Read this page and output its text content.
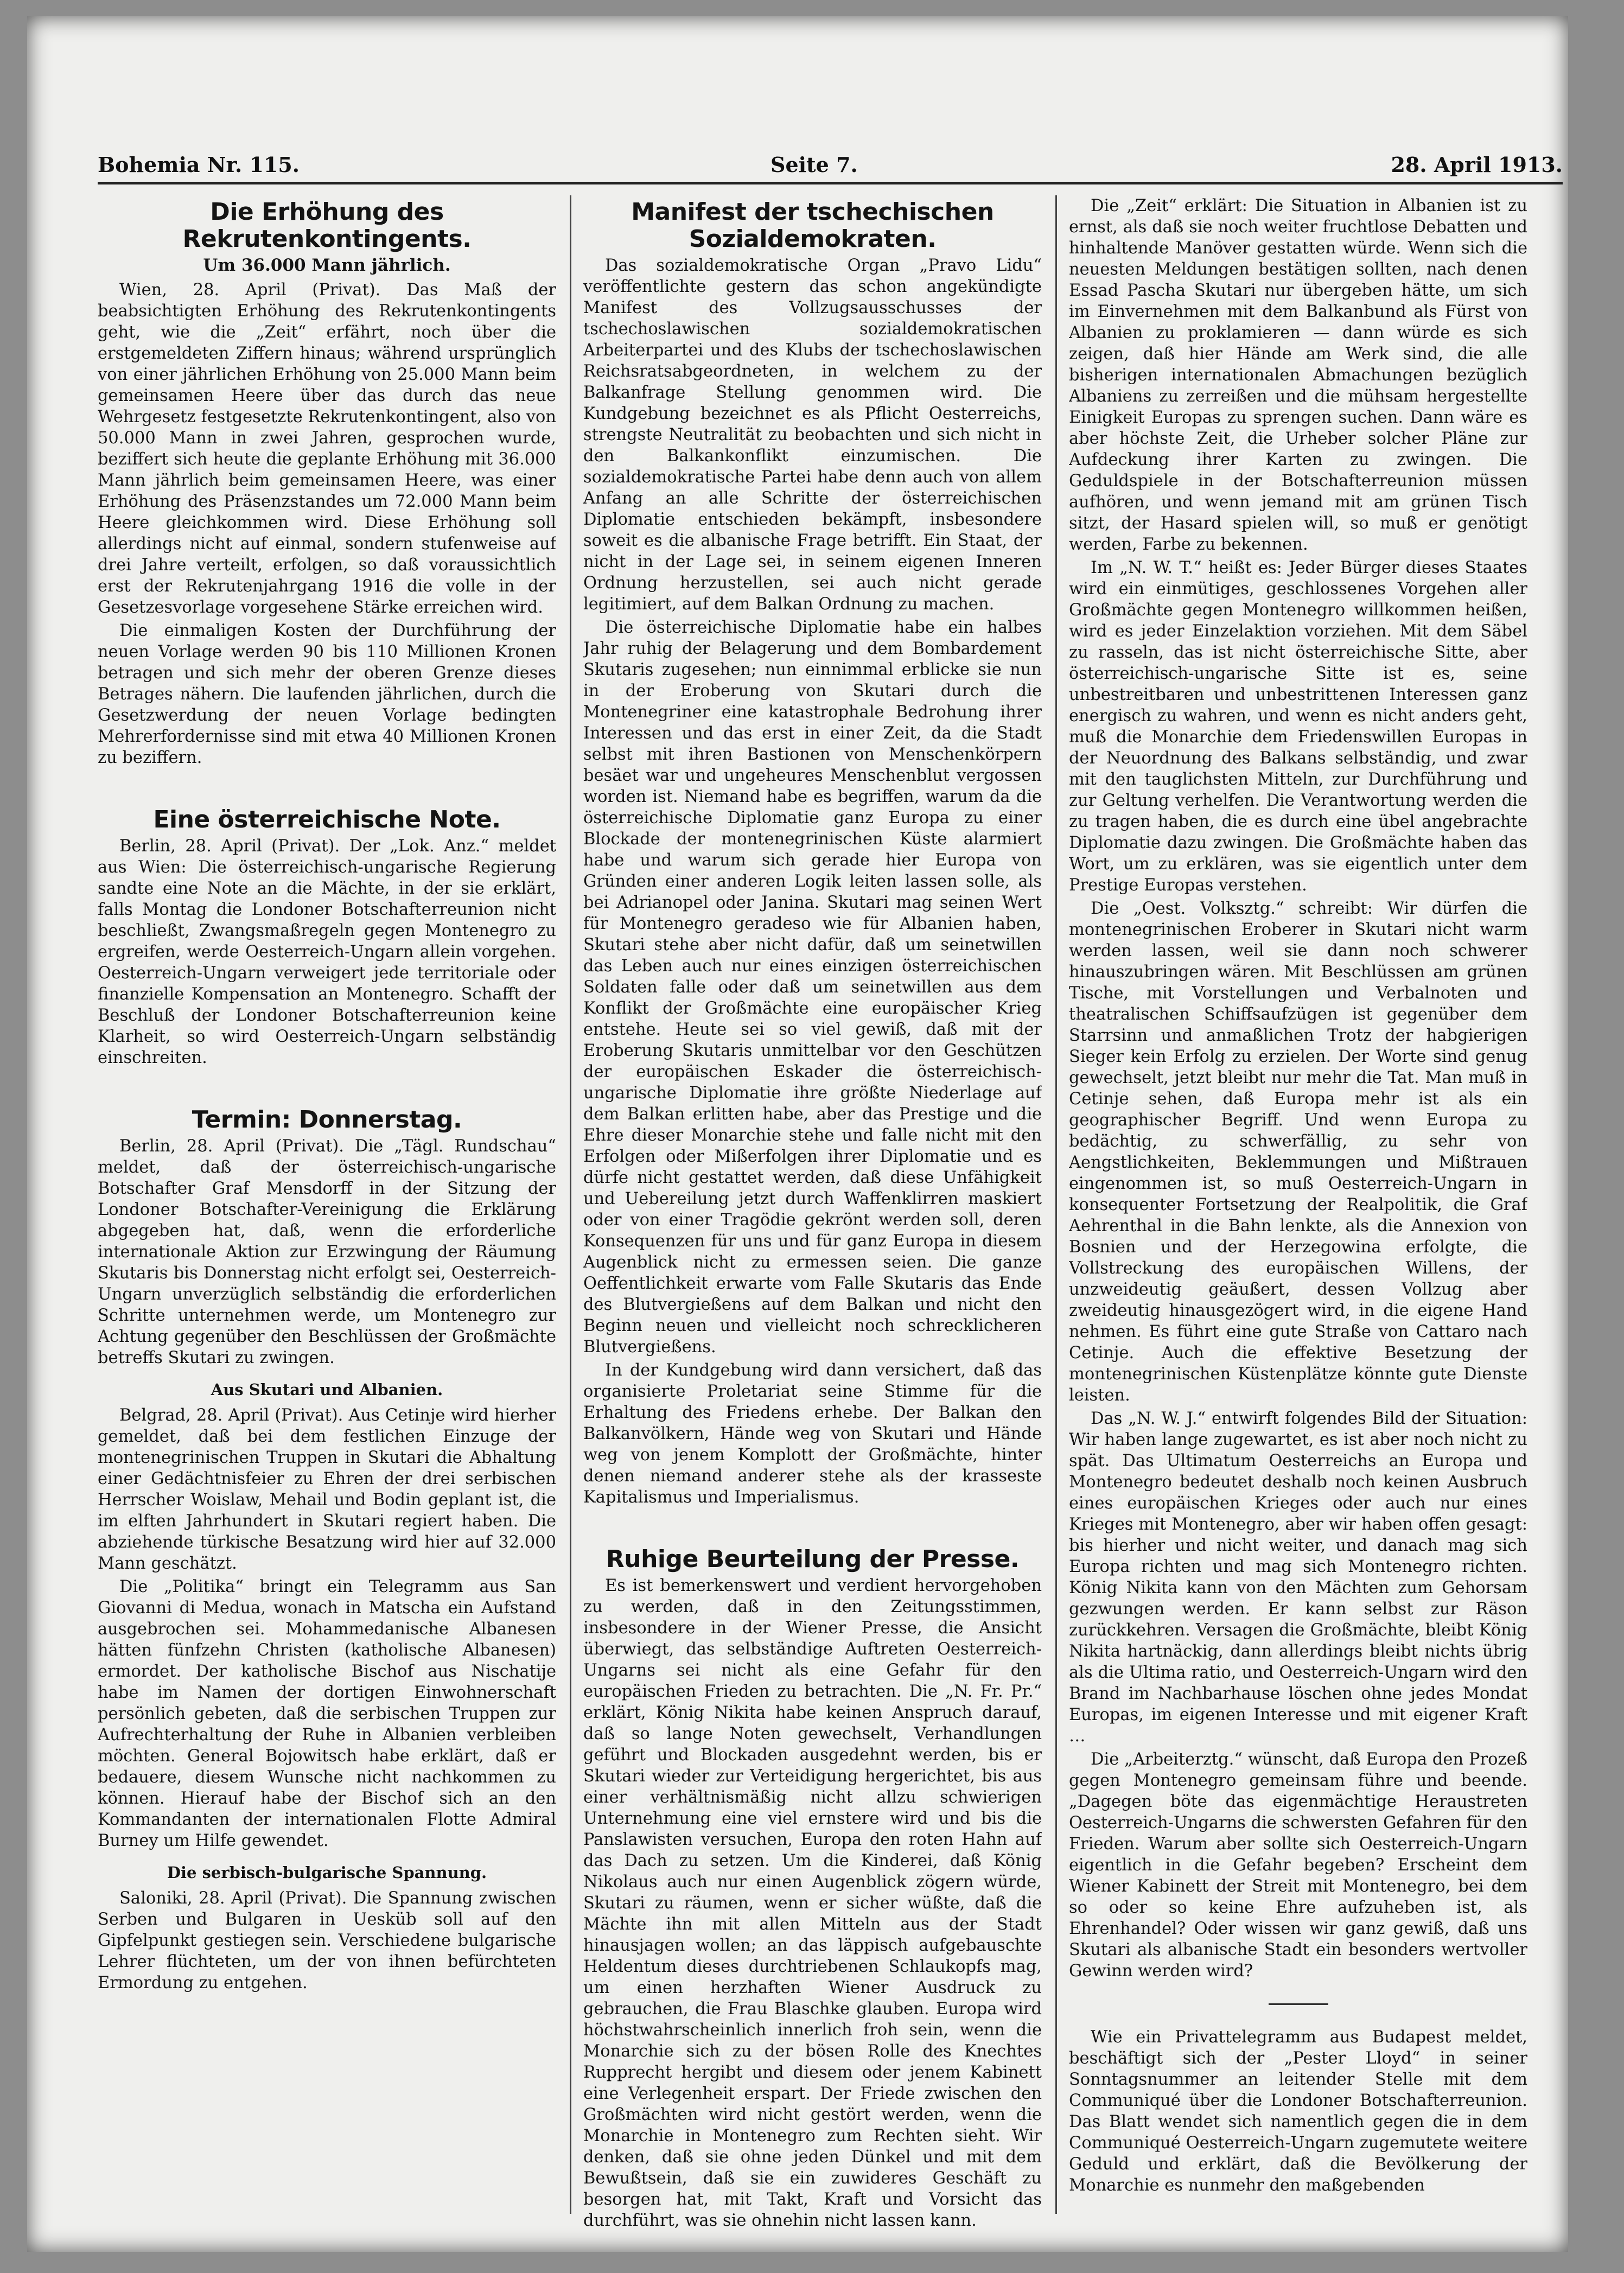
Bohemia Nr. 115.	Seite 7.	28. April 1913.
Die Erhöhung des Rekrutenkontingents.
Um 36.000 Mann jährlich.

Wien, 28. April (Privat). Das Maß der beabsichtigten Erhöhung des Rekrutenkontingents geht, wie die „Zeit“ erfährt, noch über die erstgemeldeten Ziffern hinaus; während ursprünglich von einer jährlichen Erhöhung von 25.000 Mann beim gemeinsamen Heere über das durch das neue Wehrgesetz festgesetzte Rekrutenkontingent, also von 50.000 Mann in zwei Jahren, gesprochen wurde, beziffert sich heute die geplante Erhöhung mit 36.000 Mann jährlich beim gemeinsamen Heere, was einer Erhöhung des Präsenzstandes um 72.000 Mann beim Heere gleichkommen wird. Diese Erhöhung soll allerdings nicht auf einmal, sondern stufenweise auf drei Jahre verteilt, erfolgen, so daß voraussichtlich erst der Rekrutenjahrgang 1916 die volle in der Gesetzesvorlage vorgesehene Stärke erreichen wird.

Die einmaligen Kosten der Durchführung der neuen Vorlage werden 90 bis 110 Millionen Kronen betragen und sich mehr der oberen Grenze dieses Betrages nähern. Die laufenden jährlichen, durch die Gesetzwerdung der neuen Vorlage bedingten Mehrerfordernisse sind mit etwa 40 Millionen Kronen zu beziffern.

Eine österreichische Note.

Berlin, 28. April (Privat). Der „Lok. Anz.“ meldet aus Wien: Die österreichisch-ungarische Regierung sandte eine Note an die Mächte, in der sie erklärt, falls Montag die Londoner Botschafterreunion nicht beschließt, Zwangsmaßregeln gegen Montenegro zu ergreifen, werde Oesterreich-Ungarn allein vorgehen. Oesterreich-Ungarn verweigert jede territoriale oder finanzielle Kompensation an Montenegro. Schafft der Beschluß der Londoner Botschafterreunion keine Klarheit, so wird Oesterreich-Ungarn selbständig einschreiten.

Termin: Donnerstag.

Berlin, 28. April (Privat). Die „Tägl. Rundschau“ meldet, daß der österreichisch-ungarische Botschafter Graf Mensdorff in der Sitzung der Londoner Botschafter-Vereinigung die Erklärung abgegeben hat, daß, wenn die erforderliche internationale Aktion zur Erzwingung der Räumung Skutaris bis Donnerstag nicht erfolgt sei, Oesterreich-Ungarn unverzüglich selbständig die erforderlichen Schritte unternehmen werde, um Montenegro zur Achtung gegenüber den Beschlüssen der Großmächte betreffs Skutari zu zwingen.

Aus Skutari und Albanien.

Belgrad, 28. April (Privat). Aus Cetinje wird hierher gemeldet, daß bei dem festlichen Einzuge der montenegrinischen Truppen in Skutari die Abhaltung einer Gedächtnisfeier zu Ehren der drei serbischen Herrscher Woislaw, Mehail und Bodin geplant ist, die im elften Jahrhundert in Skutari regiert haben. Die abziehende türkische Besatzung wird hier auf 32.000 Mann geschätzt.

Die „Politika“ bringt ein Telegramm aus San Giovanni di Medua, wonach in Matscha ein Aufstand ausgebrochen sei. Mohammedanische Albanesen hätten fünfzehn Christen (katholische Albanesen) ermordet. Der katholische Bischof aus Nischatije habe im Namen der dortigen Einwohnerschaft persönlich gebeten, daß die serbischen Truppen zur Aufrechterhaltung der Ruhe in Albanien verbleiben möchten. General Bojowitsch habe erklärt, daß er bedauere, diesem Wunsche nicht nachkommen zu können. Hierauf habe der Bischof sich an den Kommandanten der internationalen Flotte Admiral Burney um Hilfe gewendet.

Die serbisch-bulgarische Spannung.

Saloniki, 28. April (Privat). Die Spannung zwischen Serben und Bulgaren in Uesküb soll auf den Gipfelpunkt gestiegen sein. Verschiedene bulgarische Lehrer flüchteten, um der von ihnen befürchteten Ermordung zu entgehen.

Manifest der tschechischen Sozialdemokraten.

Das sozialdemokratische Organ „Pravo Lidu“ veröffentlichte gestern das schon angekündigte Manifest des Vollzugsausschusses der tschechoslawischen sozialdemokratischen Arbeiterpartei und des Klubs der tschechoslawischen Reichsratsabgeordneten, in welchem zu der Balkanfrage Stellung genommen wird. Die Kundgebung bezeichnet es als Pflicht Oesterreichs, strengste Neutralität zu beobachten und sich nicht in den Balkankonflikt einzumischen. Die sozialdemokratische Partei habe denn auch von allem Anfang an alle Schritte der österreichischen Diplomatie entschieden bekämpft, insbesondere soweit es die albanische Frage betrifft. Ein Staat, der nicht in der Lage sei, in seinem eigenen Inneren Ordnung herzustellen, sei auch nicht gerade legitimiert, auf dem Balkan Ordnung zu machen.

Die österreichische Diplomatie habe ein halbes Jahr ruhig der Belagerung und dem Bombardement Skutaris zugesehen; nun einnimmal erblicke sie nun in der Eroberung von Skutari durch die Montenegriner eine katastrophale Bedrohung ihrer Interessen und das erst in einer Zeit, da die Stadt selbst mit ihren Bastionen von Menschenkörpern besäet war und ungeheures Menschenblut vergossen worden ist. Niemand habe es begriffen, warum da die österreichische Diplomatie ganz Europa zu einer Blockade der montenegrinischen Küste alarmiert habe und warum sich gerade hier Europa von Gründen einer anderen Logik leiten lassen solle, als bei Adrianopel oder Janina. Skutari mag seinen Wert für Montenegro geradeso wie für Albanien haben, Skutari stehe aber nicht dafür, daß um seinetwillen das Leben auch nur eines einzigen österreichischen Soldaten falle oder daß um seinetwillen aus dem Konflikt der Großmächte eine europäischer Krieg entstehe. Heute sei so viel gewiß, daß mit der Eroberung Skutaris unmittelbar vor den Geschützen der europäischen Eskader die österreichisch-ungarische Diplomatie ihre größte Niederlage auf dem Balkan erlitten habe, aber das Prestige und die Ehre dieser Monarchie stehe und falle nicht mit den Erfolgen oder Mißerfolgen ihrer Diplomatie und es dürfe nicht gestattet werden, daß diese Unfähigkeit und Uebereilung jetzt durch Waffenklirren maskiert oder von einer Tragödie gekrönt werden soll, deren Konsequenzen für uns und für ganz Europa in diesem Augenblick nicht zu ermessen seien. Die ganze Oeffentlichkeit erwarte vom Falle Skutaris das Ende des Blutvergießens auf dem Balkan und nicht den Beginn neuen und vielleicht noch schrecklicheren Blutvergießens.

In der Kundgebung wird dann versichert, daß das organisierte Proletariat seine Stimme für die Erhaltung des Friedens erhebe. Der Balkan den Balkanvölkern, Hände weg von Skutari und Hände weg von jenem Komplott der Großmächte, hinter denen niemand anderer stehe als der krasseste Kapitalismus und Imperialismus.

Ruhige Beurteilung der Presse.

Es ist bemerkenswert und verdient hervorgehoben zu werden, daß in den Zeitungsstimmen, insbesondere in der Wiener Presse, die Ansicht überwiegt, das selbständige Auftreten Oesterreich-Ungarns sei nicht als eine Gefahr für den europäischen Frieden zu betrachten. Die „N. Fr. Pr.“ erklärt, König Nikita habe keinen Anspruch darauf, daß so lange Noten gewechselt, Verhandlungen geführt und Blockaden ausgedehnt werden, bis er Skutari wieder zur Verteidigung hergerichtet, bis aus einer verhältnismäßig nicht allzu schwierigen Unternehmung eine viel ernstere wird und bis die Panslawisten versuchen, Europa den roten Hahn auf das Dach zu setzen. Um die Kinderei, daß König Nikolaus auch nur einen Augenblick zögern würde, Skutari zu räumen, wenn er sicher wüßte, daß die Mächte ihn mit allen Mitteln aus der Stadt hinausjagen wollen; an das läppisch aufgebauschte Heldentum dieses durchtriebenen Schlaukopfs mag, um einen herzhaften Wiener Ausdruck zu gebrauchen, die Frau Blaschke glauben. Europa wird höchstwahrscheinlich innerlich froh sein, wenn die Monarchie sich zu der bösen Rolle des Knechtes Rupprecht hergibt und diesem oder jenem Kabinett eine Verlegenheit erspart. Der Friede zwischen den Großmächten wird nicht gestört werden, wenn die Monarchie in Montenegro zum Rechten sieht. Wir denken, daß sie ohne jeden Dünkel und mit dem Bewußtsein, daß sie ein zuwideres Geschäft zu besorgen hat, mit Takt, Kraft und Vorsicht das durchführt, was sie ohnehin nicht lassen kann.

Die „Zeit“ erklärt: Die Situation in Albanien ist zu ernst, als daß sie noch weiter fruchtlose Debatten und hinhaltende Manöver gestatten würde. Wenn sich die neuesten Meldungen bestätigen sollten, nach denen Essad Pascha Skutari nur übergeben hätte, um sich im Einvernehmen mit dem Balkanbund als Fürst von Albanien zu proklamieren — dann würde es sich zeigen, daß hier Hände am Werk sind, die alle bisherigen internationalen Abmachungen bezüglich Albaniens zu zerreißen und die mühsam hergestellte Einigkeit Europas zu sprengen suchen. Dann wäre es aber höchste Zeit, die Urheber solcher Pläne zur Aufdeckung ihrer Karten zu zwingen. Die Geduldspiele in der Botschafterreunion müssen aufhören, und wenn jemand mit am grünen Tisch sitzt, der Hasard spielen will, so muß er genötigt werden, Farbe zu bekennen.

Im „N. W. T.“ heißt es: Jeder Bürger dieses Staates wird ein einmütiges, geschlossenes Vorgehen aller Großmächte gegen Montenegro willkommen heißen, wird es jeder Einzelaktion vorziehen. Mit dem Säbel zu rasseln, das ist nicht österreichische Sitte, aber österreichisch-ungarische Sitte ist es, seine unbestreitbaren und unbestrittenen Interessen ganz energisch zu wahren, und wenn es nicht anders geht, muß die Monarchie dem Friedenswillen Europas in der Neuordnung des Balkans selbständig, und zwar mit den tauglichsten Mitteln, zur Durchführung und zur Geltung verhelfen. Die Verantwortung werden die zu tragen haben, die es durch eine übel angebrachte Diplomatie dazu zwingen. Die Großmächte haben das Wort, um zu erklären, was sie eigentlich unter dem Prestige Europas verstehen.

Die „Oest. Volksztg.“ schreibt: Wir dürfen die montenegrinischen Eroberer in Skutari nicht warm werden lassen, weil sie dann noch schwerer hinauszubringen wären. Mit Beschlüssen am grünen Tische, mit Vorstellungen und Verbalnoten und theatralischen Schiffsaufzügen ist gegenüber dem Starrsinn und anmaßlichen Trotz der habgierigen Sieger kein Erfolg zu erzielen. Der Worte sind genug gewechselt, jetzt bleibt nur mehr die Tat. Man muß in Cetinje sehen, daß Europa mehr ist als ein geographischer Begriff. Und wenn Europa zu bedächtig, zu schwerfällig, zu sehr von Aengstlichkeiten, Beklemmungen und Mißtrauen eingenommen ist, so muß Oesterreich-Ungarn in konsequenter Fortsetzung der Realpolitik, die Graf Aehrenthal in die Bahn lenkte, als die Annexion von Bosnien und der Herzegowina erfolgte, die Vollstreckung des europäischen Willens, der unzweideutig geäußert, dessen Vollzug aber zweideutig hinausgezögert wird, in die eigene Hand nehmen. Es führt eine gute Straße von Cattaro nach Cetinje. Auch die effektive Besetzung der montenegrinischen Küstenplätze könnte gute Dienste leisten.

Das „N. W. J.“ entwirft folgendes Bild der Situation: Wir haben lange zugewartet, es ist aber noch nicht zu spät. Das Ultimatum Oesterreichs an Europa und Montenegro bedeutet deshalb noch keinen Ausbruch eines europäischen Krieges oder auch nur eines Krieges mit Montenegro, aber wir haben offen gesagt: bis hierher und nicht weiter, und danach mag sich Europa richten und mag sich Montenegro richten. König Nikita kann von den Mächten zum Gehorsam gezwungen werden. Er kann selbst zur Räson zurückkehren. Versagen die Großmächte, bleibt König Nikita hartnäckig, dann allerdings bleibt nichts übrig als die Ultima ratio, und Oesterreich-Ungarn wird den Brand im Nachbarhause löschen ohne jedes Mondat Europas, im eigenen Interesse und mit eigener Kraft …

Die „Arbeiterztg.“ wünscht, daß Europa den Prozeß gegen Montenegro gemeinsam führe und beende. „Dagegen böte das eigenmächtige Heraustreten Oesterreich-Ungarns die schwersten Gefahren für den Frieden. Warum aber sollte sich Oesterreich-Ungarn eigentlich in die Gefahr begeben? Erscheint dem Wiener Kabinett der Streit mit Montenegro, bei dem so oder so keine Ehre aufzuheben ist, als Ehrenhandel? Oder wissen wir ganz gewiß, daß uns Skutari als albanische Stadt ein besonders wertvoller Gewinn werden wird?

Wie ein Privattelegramm aus Budapest meldet, beschäftigt sich der „Pester Lloyd“ in seiner Sonntagsnummer an leitender Stelle mit dem Communiqué über die Londoner Botschafterreunion. Das Blatt wendet sich namentlich gegen die in dem Communiqué Oesterreich-Ungarn zugemutete weitere Geduld und erklärt, daß die Bevölkerung der Monarchie es nunmehr den maßgebenden
